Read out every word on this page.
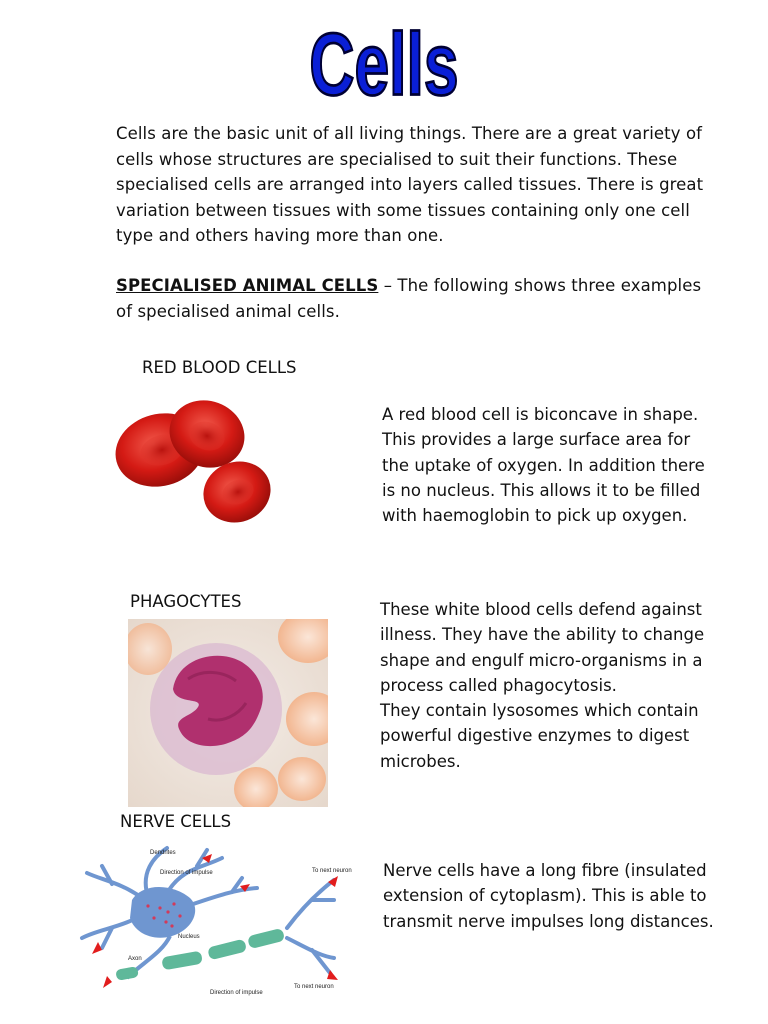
Cells
Cells are the basic unit of all living things. There are a great variety of cells whose structures are specialised to suit their functions. These specialised cells are arranged into layers called tissues. There is great variation between tissues with some tissues containing only one cell type and others having more than one.
SPECIALISED ANIMAL CELLS – The following shows three examples of specialised animal cells.
RED BLOOD CELLS
A red blood cell is biconcave in shape. This provides a large surface area for the uptake of oxygen. In addition there is no nucleus. This allows it to be filled with haemoglobin to pick up oxygen.
PHAGOCYTES	These white blood cells defend against illness. They have the ability to change shape and engulf micro-organisms in a process called phagocytosis.
They contain lysosomes which contain powerful digestive enzymes to digest microbes.
NERVE CELLS
Dendrites
Direction of impulse	To next neuron
Nucleus
Axon
Direction of impulse
To next neuron
Nerve cells have a long fibre (insulated extension of cytoplasm). This is able to transmit nerve impulses long distances.
